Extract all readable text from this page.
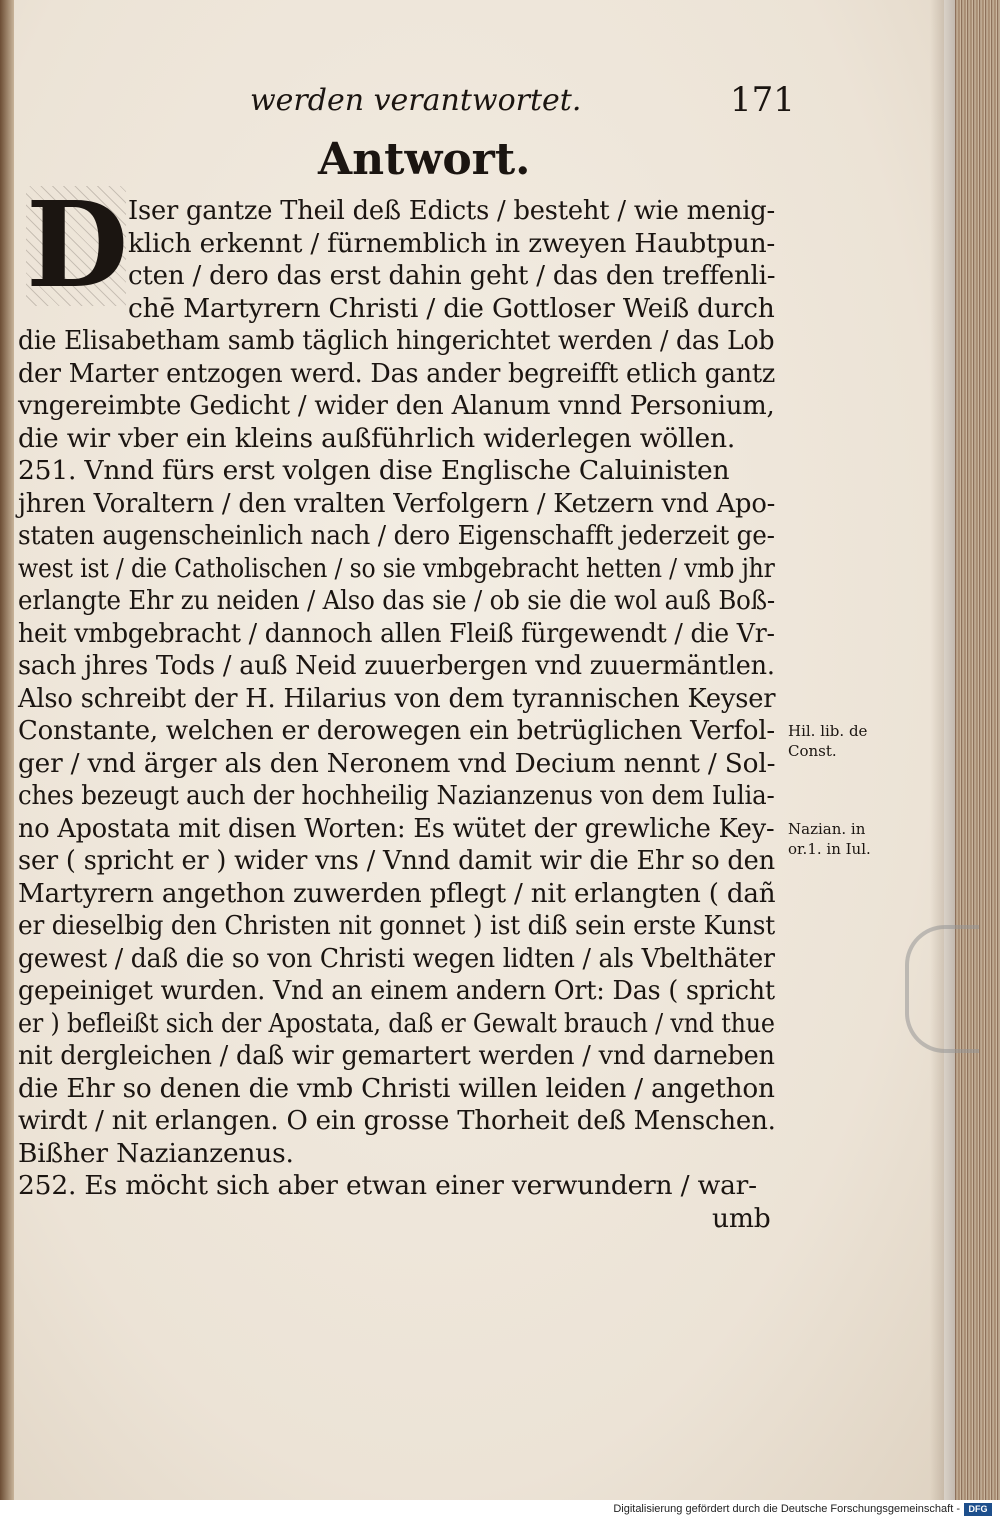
werden verantwortet.	171
Antwort.
D Iser gantze Theil deß Edicts / besteht / wie menig-
klich erkennt / fürnemblich in zweyen Haubtpun-
cten / dero das erst dahin geht / das den treffenli-
chē Martyrern Christi / die Gottloser Weiß durch
die Elisabetham samb täglich hingerichtet werden / das Lob
der Marter entzogen werd. Das ander begreifft etlich gantz
vngereimbte Gedicht / wider den Alanum vnnd Personium,
die wir vber ein kleins außführlich widerlegen wöllen.
251. Vnnd fürs erst volgen dise Englische Caluinisten
jhren Voraltern / den vralten Verfolgern / Ketzern vnd Apo-
staten augenscheinlich nach / dero Eigenschafft jederzeit ge-
west ist / die Catholischen / so sie vmbgebracht hetten / vmb jhr
erlangte Ehr zu neiden / Also das sie / ob sie die wol auß Boß-
heit vmbgebracht / dannoch allen Fleiß fürgewendt / die Vr-
sach jhres Tods / auß Neid zuuerbergen vnd zuuermäntlen.
Also schreibt der H. Hilarius von dem tyrannischen Keyser
Constante, welchen er derowegen ein betrüglichen Verfol-
ger / vnd ärger als den Neronem vnd Decium nennt / Sol-
ches bezeugt auch der hochheilig Nazianzenus von dem Iulia-
no Apostata mit disen Worten: Es wütet der grewliche Key-
ser ( spricht er ) wider vns / Vnnd damit wir die Ehr so den
Martyrern angethon zuwerden pflegt / nit erlangten ( dañ
er dieselbig den Christen nit gonnet ) ist diß sein erste Kunst
gewest / daß die so von Christi wegen lidten / als Vbelthäter
gepeiniget wurden. Vnd an einem andern Ort: Das ( spricht
er ) befleißt sich der Apostata, daß er Gewalt brauch / vnd thue
nit dergleichen / daß wir gemartert werden / vnd darneben
die Ehr so denen die vmb Christi willen leiden / angethon
wirdt / nit erlangen. O ein grosse Thorheit deß Menschen.
Bißher Nazianzenus.
252. Es möcht sich aber etwan einer verwundern / war-
umb
Hil. lib. de
Const.
Nazian. in
or.1. in Iul.
Digitalisierung gefördert durch die Deutsche Forschungsgemeinschaft - DFG
